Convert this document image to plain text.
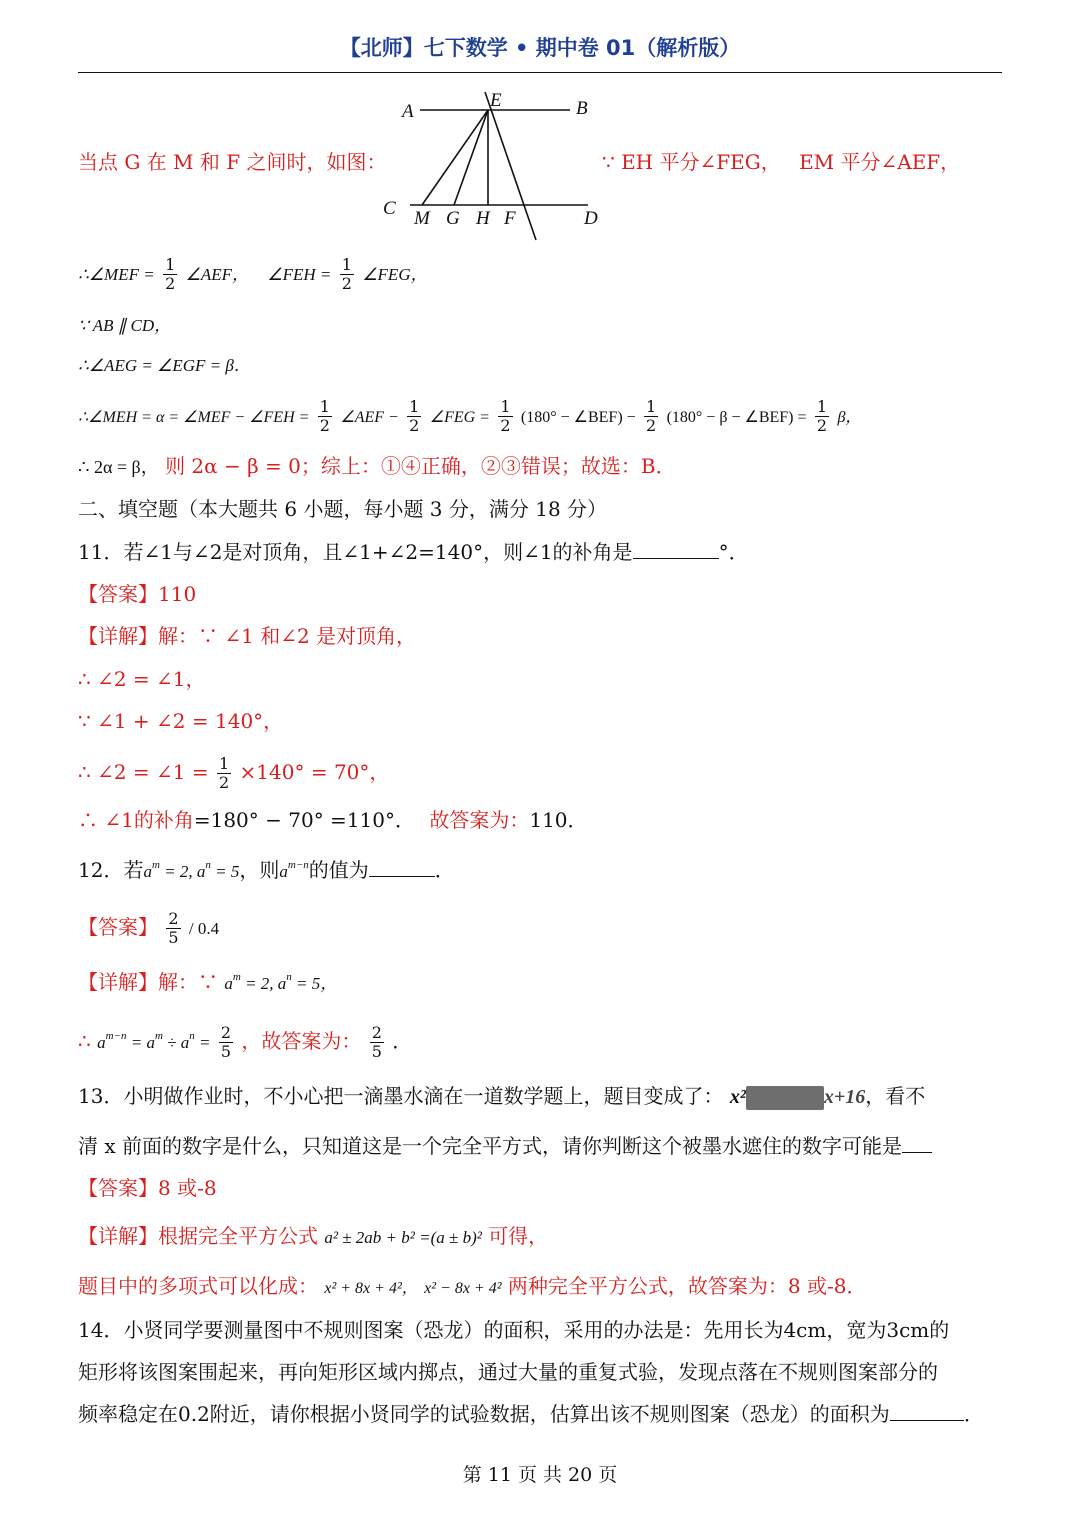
【北师】七下数学 • 期中卷 01（解析版）
A
E	B
C M G H F	D
当点 G 在 M 和 F 之间时，如图：	∵ EH 平分∠FEG， EM 平分∠AEF，
∴∠MEF = $\frac{1}{2}$ ∠AEF， ∠FEH = $\frac{1}{2}$ ∠FEG，
∵ AB ∥ CD，
∴∠AEG = ∠EGF = β．
∴∠MEH = α = ∠MEF − ∠FEH = $\frac{1}{2}$ ∠AEF − $\frac{1}{2}$ ∠FEG = $\frac{1}{2} (180^\circ$ − ∠BEF) − $\frac{1}{2} (180^\circ - \beta$ − ∠BEF) = $\frac{1}{2}$ β，
∴ 2α = β， 则 2α − β = 0；综上：①④正确，②③错误；故选：B．
二、填空题（本大题共 6 小题，每小题 3 分，满分 18 分）
11．若∠1与∠2是对顶角，且∠1+∠2=140°，则∠1的补角是	°．
【答案】110
【详解】解：∵ ∠1 和∠2 是对顶角，
∴ ∠2 = ∠1，
∵ ∠1 + ∠2 = 140°，
∴ ∠2 = ∠1 = $\frac{1}{2} \times 140^\circ = 70^\circ$，
∴ ∠1的补角=180° − 70° =110°． 故答案为：110．
12．若$a^m = 2$, $a^n = 5$，则$a^{m-n}$的值为	．
【答案】 $\frac{2}{5} / 0.4$
【详解】解：∵ $a^m = 2$, $a^n = 5$，
∴ $a^{m-n} = a^m \div a^n = \frac{2}{5}$ ，故答案为： $\frac{2}{5}$ ．
13．小明做作业时，不小心把一滴墨水滴在一道数学题上，题目变成了： x²	x+16，看不
清 x 前面的数字是什么，只知道这是一个完全平方式，请你判断这个被墨水遮住的数字可能是
【答案】8 或-8
【详解】根据完全平方公式 a² ± 2ab + b² =(a ± b)² 可得，
题目中的多项式可以化成： x² + 8x + 4²， x² − 8x + 4² 两种完全平方公式，故答案为：8 或-8．
14．小贤同学要测量图中不规则图案（恐龙）的面积，采用的办法是：先用长为4cm，宽为3cm的
矩形将该图案围起来，再向矩形区域内掷点，通过大量的重复式验，发现点落在不规则图案部分的
频率稳定在0.2附近，请你根据小贤同学的试验数据，估算出该不规则图案（恐龙）的面积为	．
第 11 页 共 20 页
